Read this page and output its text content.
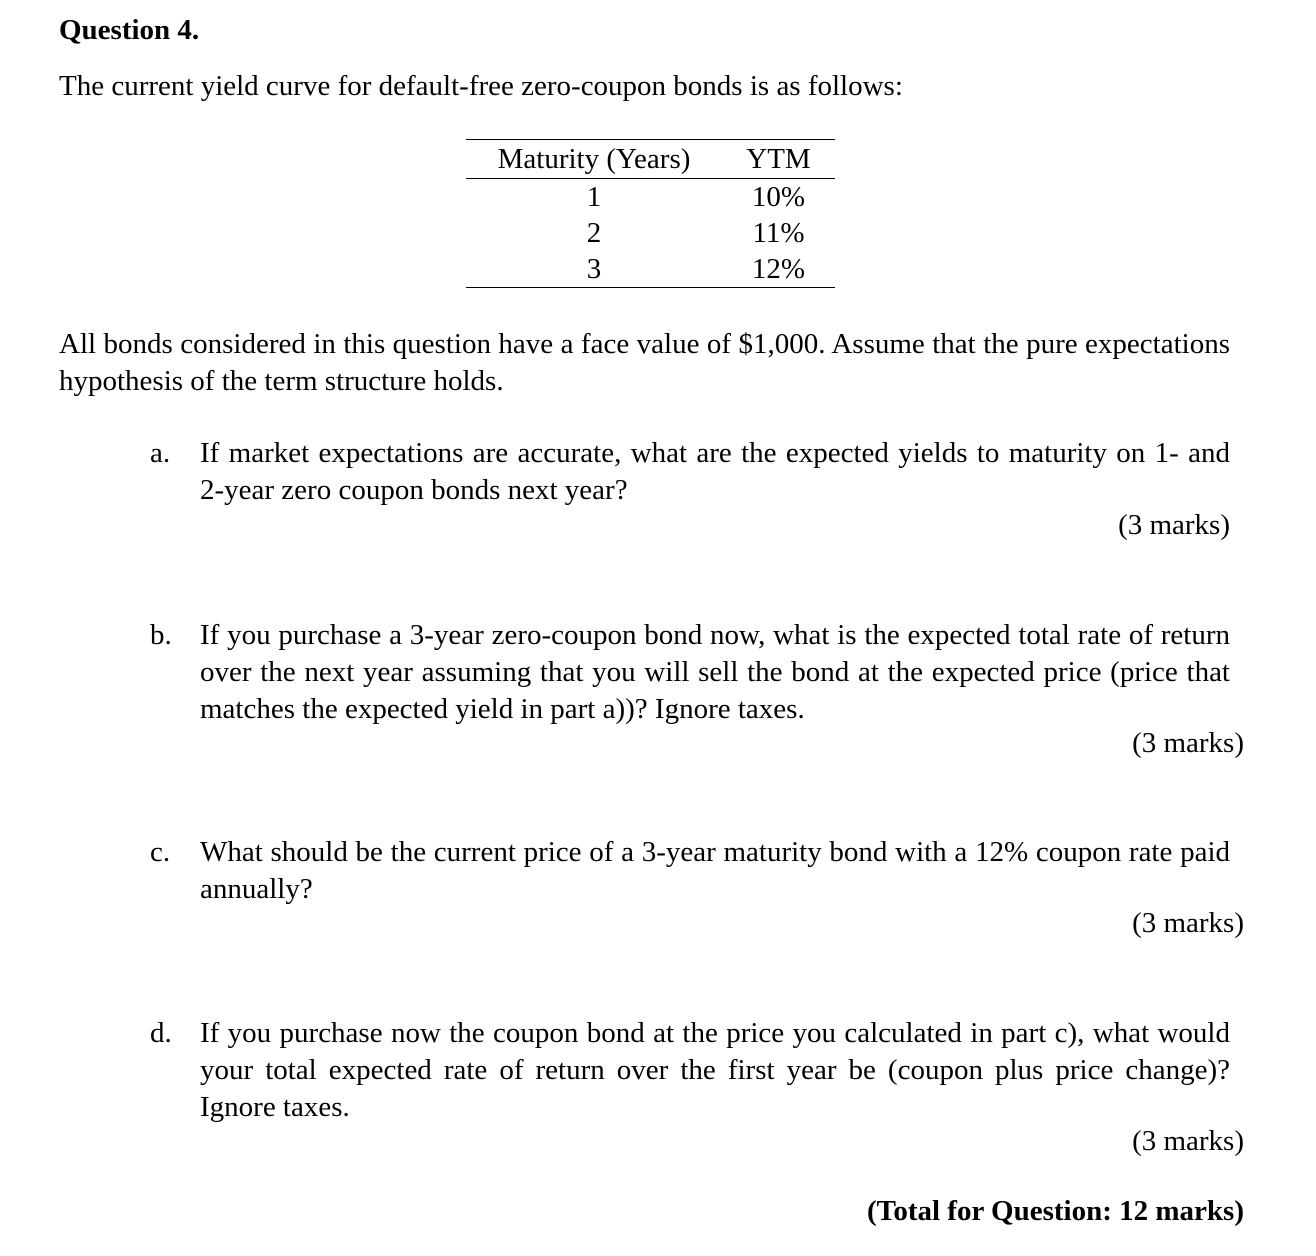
Question 4.

The current yield curve for default-free zero-coupon bonds is as follows:

Maturity (Years)	YTM
1	10%
2	11%
3	12%

All bonds considered in this question have a face value of $1,000. Assume that the pure expectations hypothesis of the term structure holds.

a.	If market expectations are accurate, what are the expected yields to maturity on 1- and 2-year zero coupon bonds next year?
(3 marks)
b. If you purchase a 3-year zero-coupon bond now, what is the expected total rate of return over the next year assuming that you will sell the bond at the expected price (price that matches the expected yield in part a))? Ignore taxes.
(3 marks)
c.	What should be the current price of a 3-year maturity bond with a 12% coupon rate paid annually?
(3 marks)
d. If you purchase now the coupon bond at the price you calculated in part c), what would your total expected rate of return over the first year be (coupon plus price change)? Ignore taxes.
(3 marks)
(Total for Question: 12 marks)
